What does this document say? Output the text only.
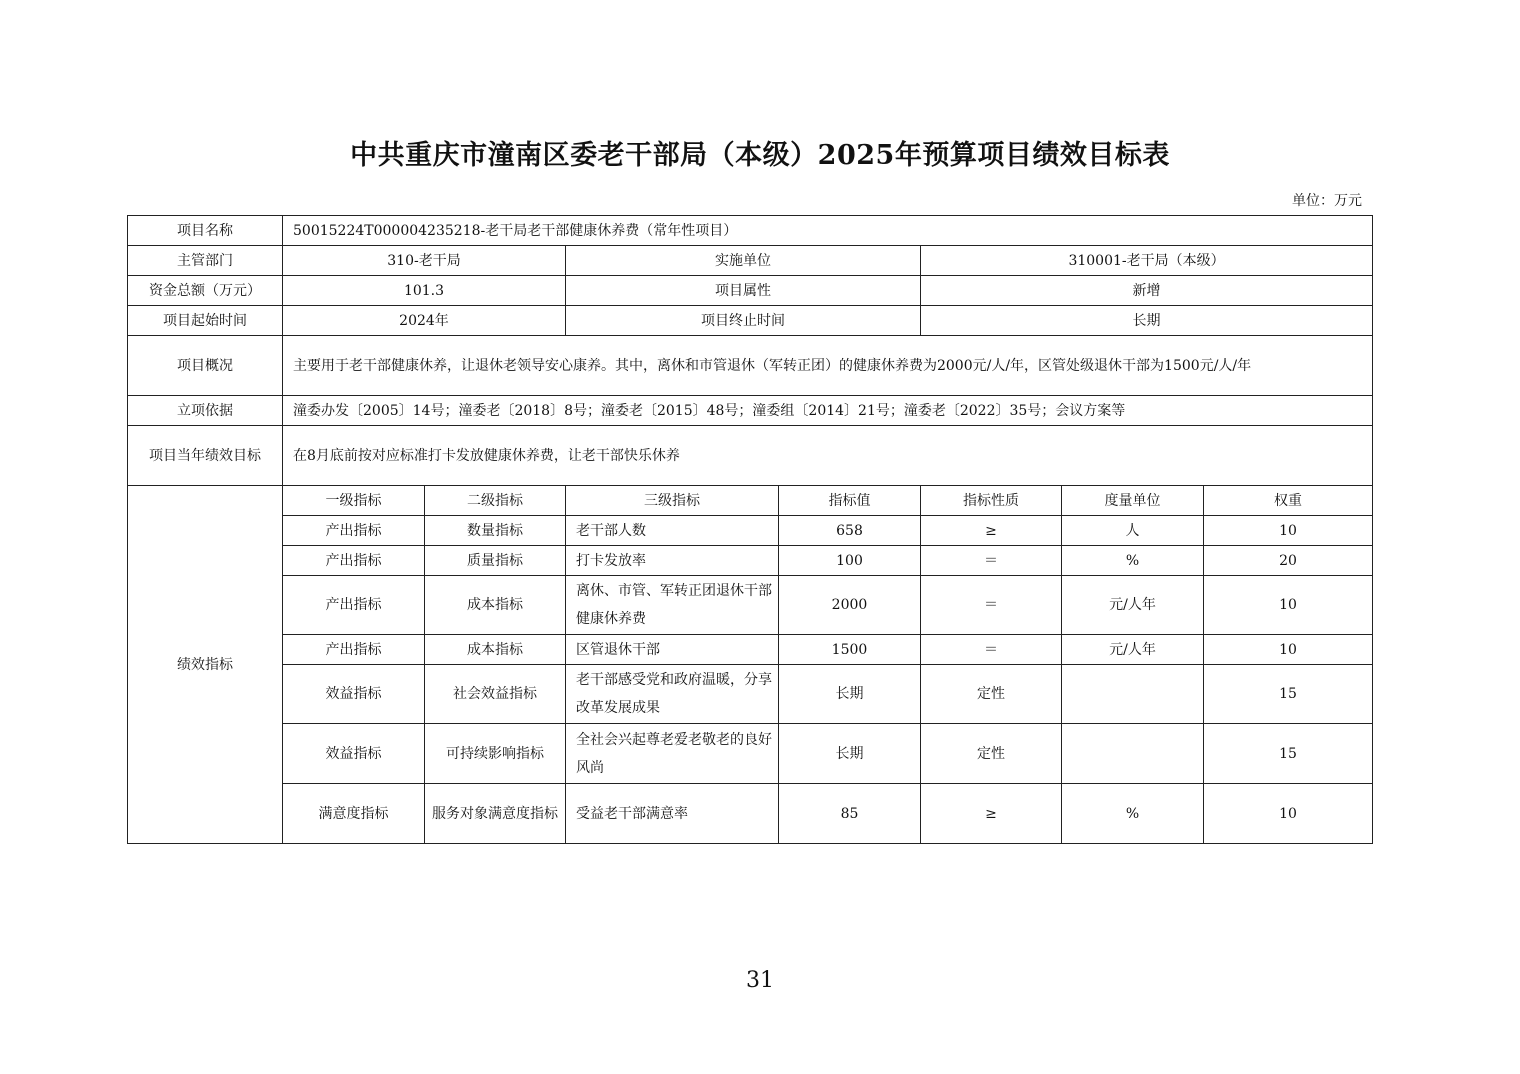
中共重庆市潼南区委老干部局（本级）2025年预算项目绩效目标表
单位：万元
项目名称	50015224T000004235218-老干局老干部健康休养费（常年性项目）						
主管部门	310-老干局		实施单位		310001-老干局（本级）		
资金总额（万元）	101.3		项目属性		新增		
项目起始时间	2024年		项目终止时间		长期		
项目概况	主要用于老干部健康休养，让退休老领导安心康养。其中，离休和市管退休（军转正团）的健康休养费为2000元/人/年，区管处级退休干部为1500元/人/年						
立项依据	潼委办发〔2005〕14号；潼委老〔2018〕8号；潼委老〔2015〕48号；潼委组〔2014〕21号；潼委老〔2022〕35号；会议方案等						
项目当年绩效目标	在8月底前按对应标准打卡发放健康休养费，让老干部快乐休养						
绩效指标	一级指标	二级指标	三级指标	指标值	指标性质	度量单位	权重
	产出指标	数量指标	老干部人数	658	≥	人	10
	产出指标	质量指标	打卡发放率	100	＝	%	20
	产出指标	成本指标	离休、市管、军转正团退休干部健康休养费	2000	＝	元/人年	10
	产出指标	成本指标	区管退休干部	1500	＝	元/人年	10
	效益指标	社会效益指标	老干部感受党和政府温暖，分享改革发展成果	长期	定性		15
	效益指标	可持续影响指标	全社会兴起尊老爱老敬老的良好风尚	长期	定性		15
	满意度指标	服务对象满意度指标	受益老干部满意率	85	≥	%	10
31
